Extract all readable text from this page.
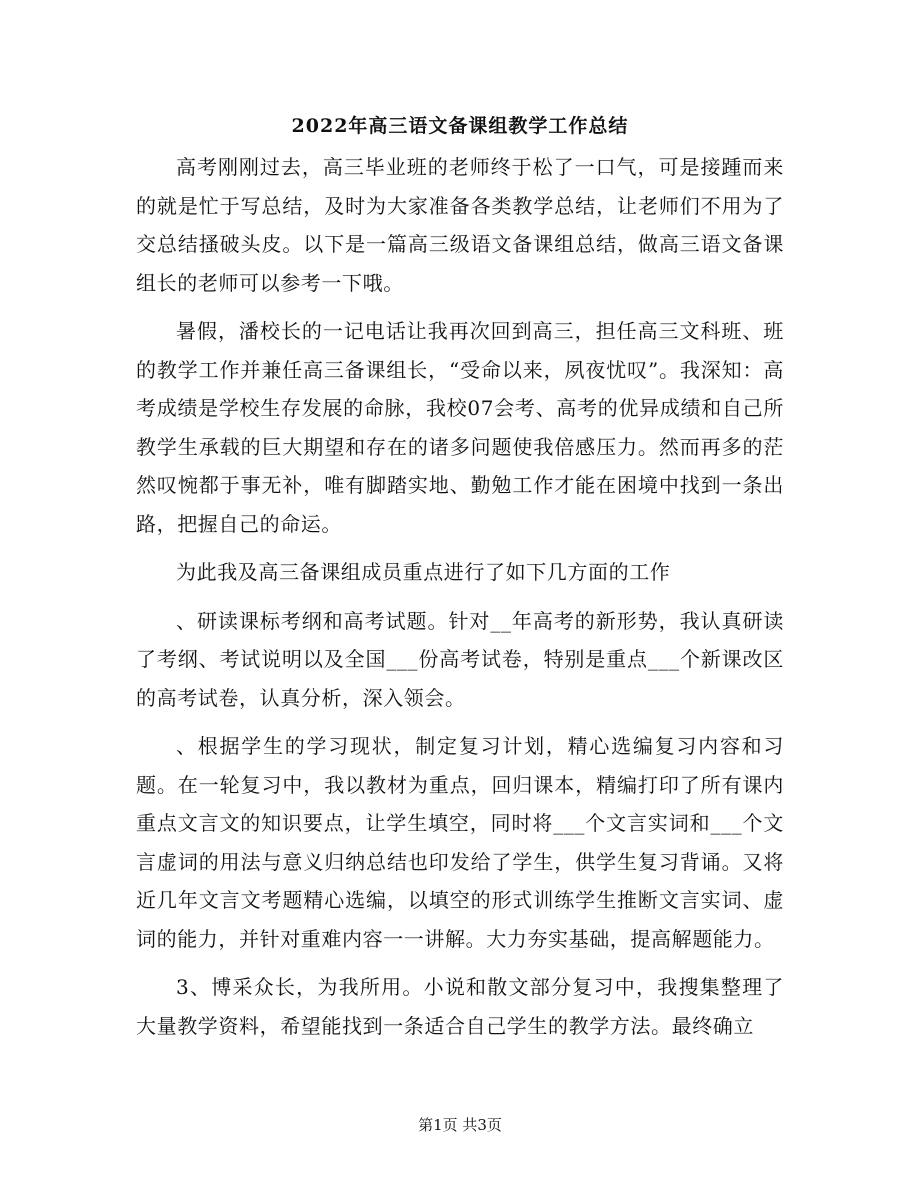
2022年高三语文备课组教学工作总结

高考刚刚过去，高三毕业班的老师终于松了一口气，可是接踵而来的就是忙于写总结，及时为大家准备各类教学总结，让老师们不用为了交总结搔破头皮。以下是一篇高三级语文备课组总结，做高三语文备课组长的老师可以参考一下哦。

暑假，潘校长的一记电话让我再次回到高三，担任高三文科班、班的教学工作并兼任高三备课组长，“受命以来，夙夜忧叹”。我深知：高考成绩是学校生存发展的命脉，我校07会考、高考的优异成绩和自己所教学生承载的巨大期望和存在的诸多问题使我倍感压力。然而再多的茫然叹惋都于事无补，唯有脚踏实地、勤勉工作才能在困境中找到一条出路，把握自己的命运。

为此我及高三备课组成员重点进行了如下几方面的工作

、研读课标考纲和高考试题。针对__年高考的新形势，我认真研读了考纲、考试说明以及全国___份高考试卷，特别是重点___个新课改区的高考试卷，认真分析，深入领会。

、根据学生的学习现状，制定复习计划，精心选编复习内容和习题。在一轮复习中，我以教材为重点，回归课本，精编打印了所有课内重点文言文的知识要点，让学生填空，同时将___个文言实词和___个文言虚词的用法与意义归纳总结也印发给了学生，供学生复习背诵。又将近几年文言文考题精心选编，以填空的形式训练学生推断文言实词、虚词的能力，并针对重难内容一一讲解。大力夯实基础，提高解题能力。

3、博采众长，为我所用。小说和散文部分复习中，我搜集整理了大量教学资料，希望能找到一条适合自己学生的教学方法。最终确立

第1页 共3页
